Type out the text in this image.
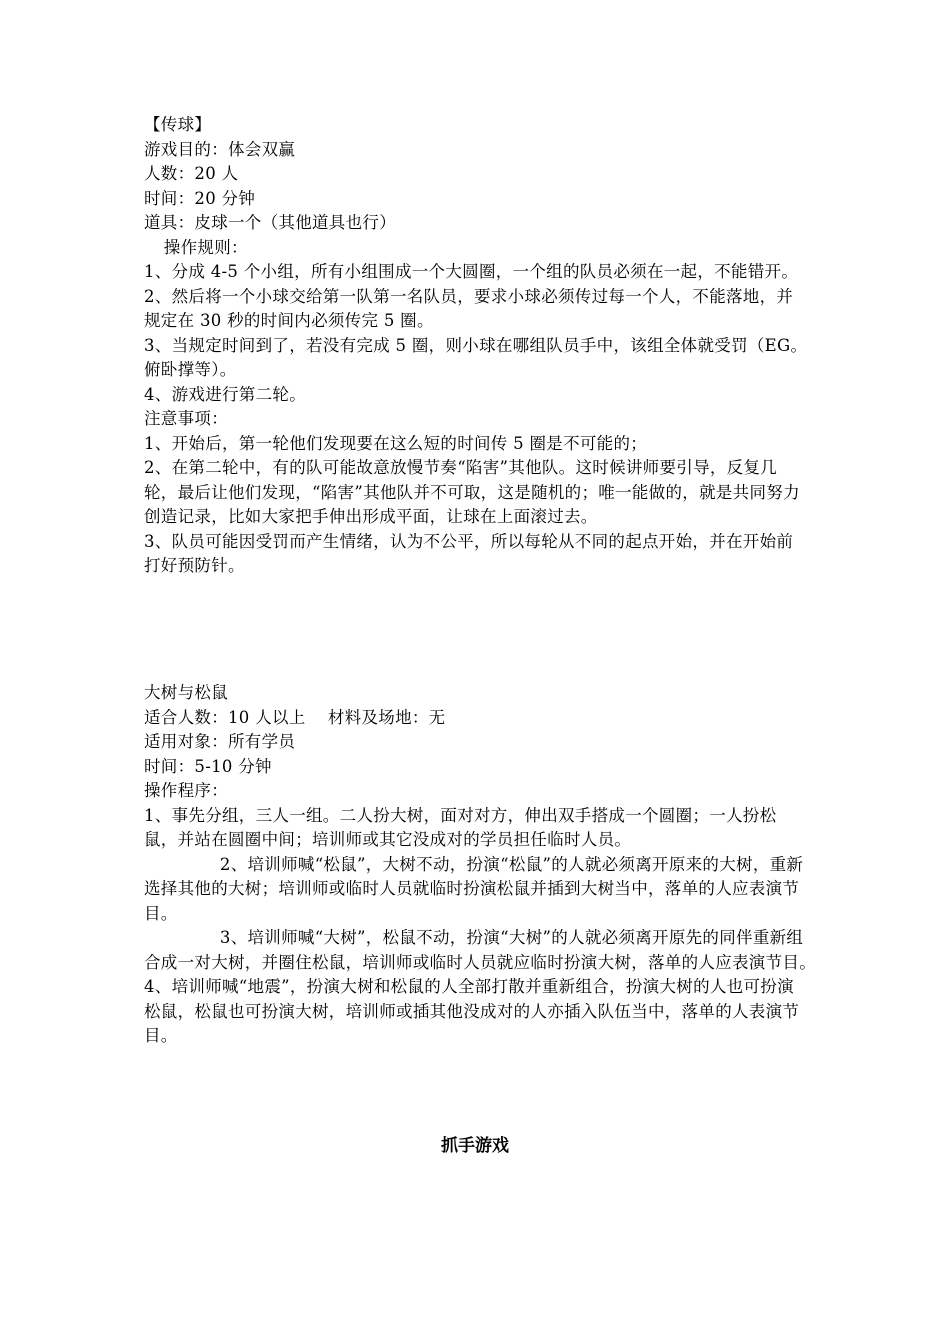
【传球】

游戏目的：体会双赢

人数：20 人

时间：20 分钟

道具：皮球一个（其他道具也行）

操作规则：

1、分成 4-5 个小组，所有小组围成一个大圆圈，一个组的队员必须在一起，不能错开。

2、然后将一个小球交给第一队第一名队员，要求小球必须传过每一个人，不能落地，并规定在 30 秒的时间内必须传完 5 圈。

3、当规定时间到了，若没有完成 5 圈，则小球在哪组队员手中，该组全体就受罚（EG。俯卧撑等）。

4、游戏进行第二轮。

注意事项：

1、开始后，第一轮他们发现要在这么短的时间传 5 圈是不可能的；

2、在第二轮中，有的队可能故意放慢节奏“陷害”其他队。这时候讲师要引导，反复几轮，最后让他们发现，“陷害”其他队并不可取，这是随机的；唯一能做的，就是共同努力创造记录，比如大家把手伸出形成平面，让球在上面滚过去。

3、队员可能因受罚而产生情绪，认为不公平，所以每轮从不同的起点开始，并在开始前打好预防针。

大树与松鼠

适合人数：10 人以上　 材料及场地：无

适用对象：所有学员

时间：5-10 分钟

操作程序：

1、事先分组，三人一组。二人扮大树，面对对方，伸出双手搭成一个圆圈；一人扮松鼠，并站在圆圈中间；培训师或其它没成对的学员担任临时人员。

2、培训师喊“松鼠”，大树不动，扮演“松鼠”的人就必须离开原来的大树，重新选择其他的大树；培训师或临时人员就临时扮演松鼠并插到大树当中，落单的人应表演节目。

3、培训师喊“大树”，松鼠不动，扮演“大树”的人就必须离开原先的同伴重新组合成一对大树，并圈住松鼠，培训师或临时人员就应临时扮演大树，落单的人应表演节目。　 4、培训师喊“地震”，扮演大树和松鼠的人全部打散并重新组合，扮演大树的人也可扮演松鼠，松鼠也可扮演大树，培训师或插其他没成对的人亦插入队伍当中，落单的人表演节目。

抓手游戏
